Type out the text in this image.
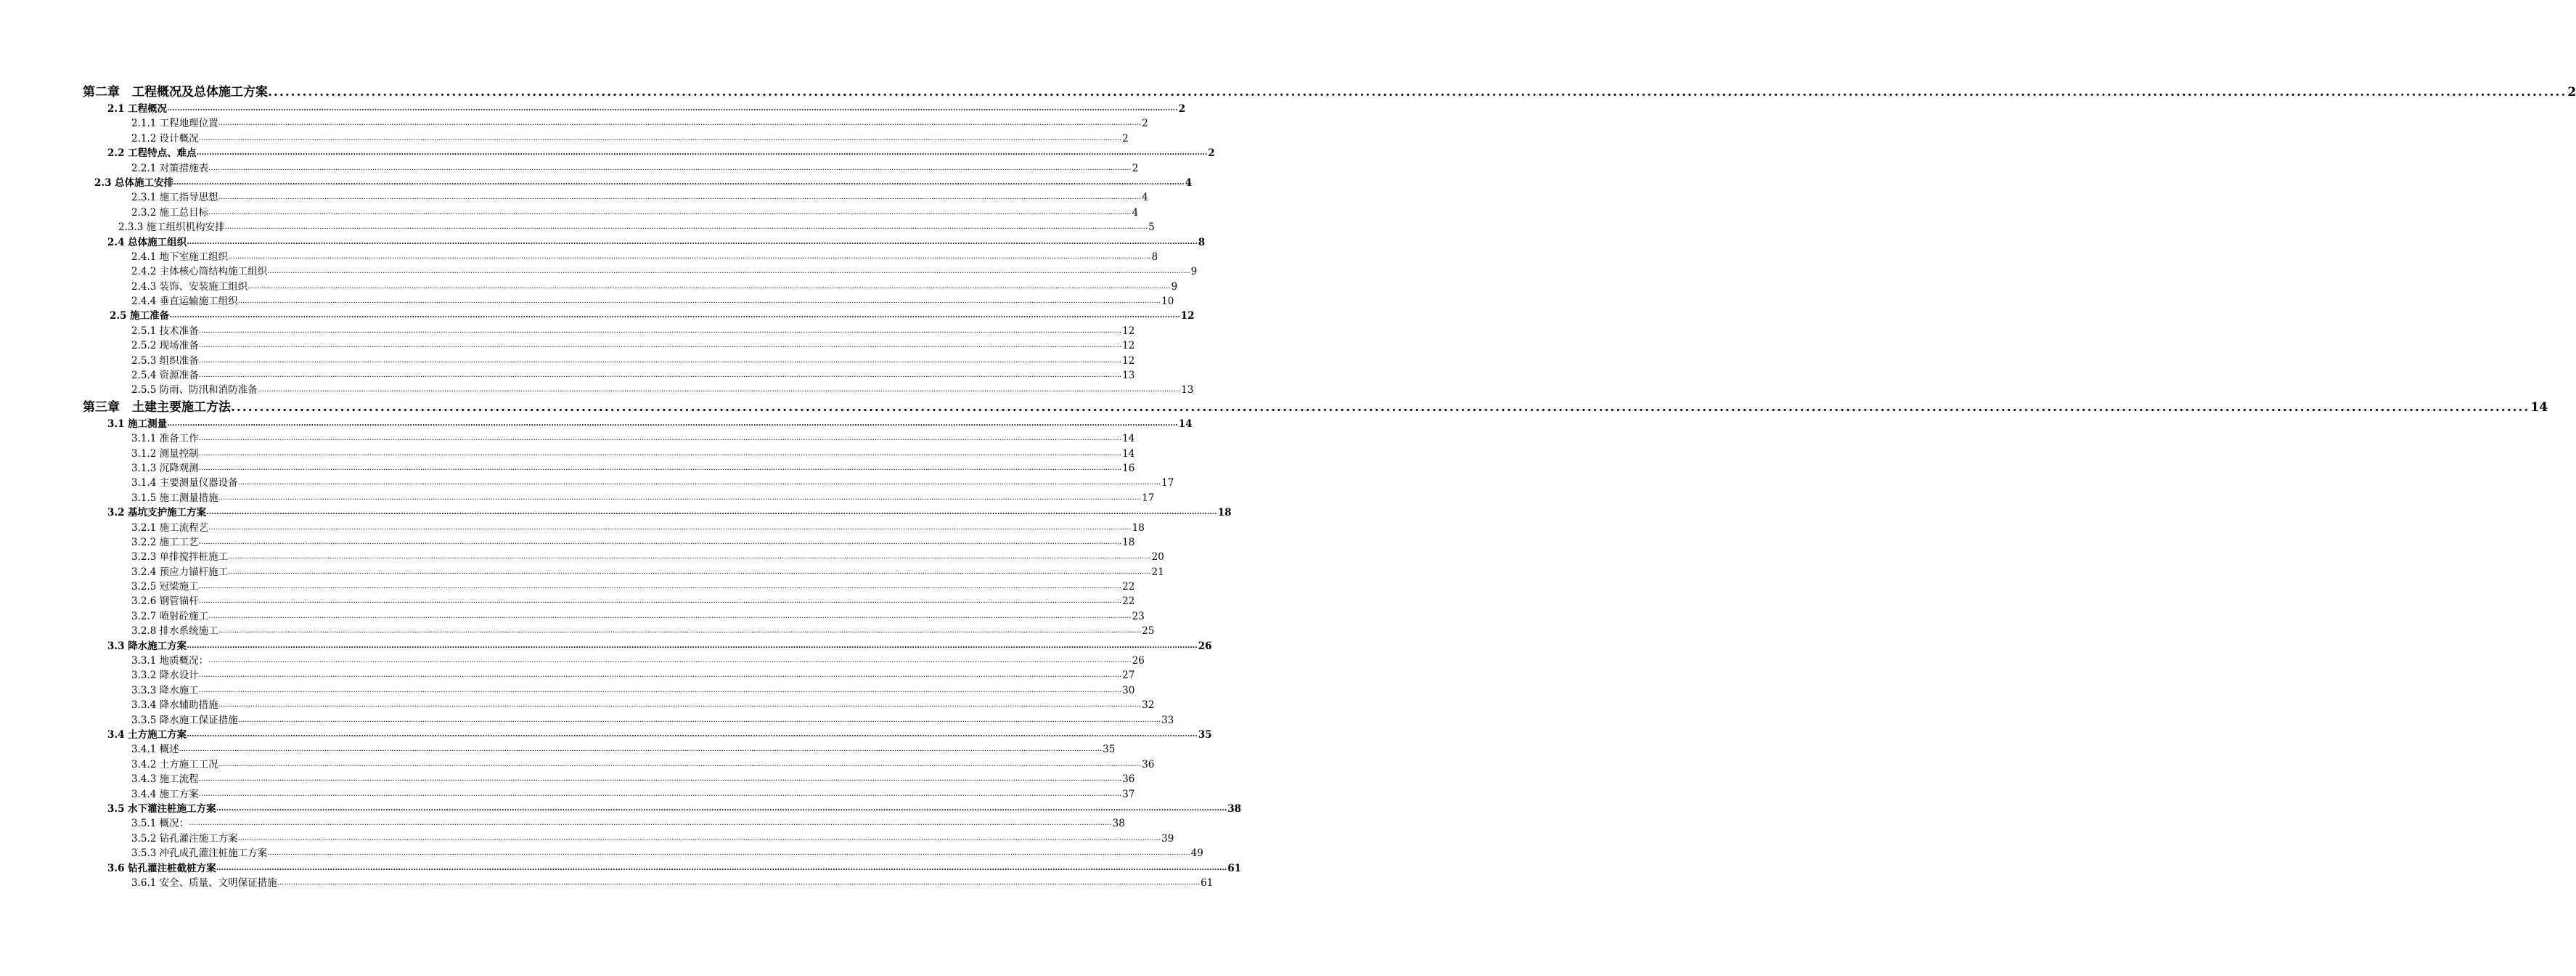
第二章　工程概况及总体施工方案 ................................................................................................................................................................................................................................................................................................................................................................................................................ 2
2.1 工程概况 ................................................................................................................................................................................................................................................................................................................................................................................................................ 2
2.1.1 工程地理位置 ................................................................................................................................................................................................................................................................................................................................................................................................................ 2
2.1.2 设计概况 ................................................................................................................................................................................................................................................................................................................................................................................................................ 2
2.2 工程特点、难点 ................................................................................................................................................................................................................................................................................................................................................................................................................ 2
2.2.1 对策措施表 ................................................................................................................................................................................................................................................................................................................................................................................................................ 2
2.3 总体施工安排 ................................................................................................................................................................................................................................................................................................................................................................................................................ 4
2.3.1 施工指导思想 ................................................................................................................................................................................................................................................................................................................................................................................................................ 4
2.3.2 施工总目标 ................................................................................................................................................................................................................................................................................................................................................................................................................ 4
2.3.3 施工组织机构安排 ................................................................................................................................................................................................................................................................................................................................................................................................................ 5
2.4 总体施工组织 ................................................................................................................................................................................................................................................................................................................................................................................................................ 8
2.4.1 地下室施工组织 ................................................................................................................................................................................................................................................................................................................................................................................................................ 8
2.4.2 主体核心筒结构施工组织 ................................................................................................................................................................................................................................................................................................................................................................................................................ 9
2.4.3 装饰、安装施工组织 ................................................................................................................................................................................................................................................................................................................................................................................................................ 9
2.4.4 垂直运输施工组织 ................................................................................................................................................................................................................................................................................................................................................................................................................ 10
2.5 施工准备 ................................................................................................................................................................................................................................................................................................................................................................................................................ 12
2.5.1 技术准备 ................................................................................................................................................................................................................................................................................................................................................................................................................ 12
2.5.2 现场准备 ................................................................................................................................................................................................................................................................................................................................................................................................................ 12
2.5.3 组织准备 ................................................................................................................................................................................................................................................................................................................................................................................................................ 12
2.5.4 资源准备 ................................................................................................................................................................................................................................................................................................................................................................................................................ 13
2.5.5 防雨、防汛和消防准备 ................................................................................................................................................................................................................................................................................................................................................................................................................ 13
第三章　土建主要施工方法 ................................................................................................................................................................................................................................................................................................................................................................................................................ 14
3.1 施工测量 ................................................................................................................................................................................................................................................................................................................................................................................................................ 14
3.1.1 准备工作 ................................................................................................................................................................................................................................................................................................................................................................................................................ 14
3.1.2 测量控制 ................................................................................................................................................................................................................................................................................................................................................................................................................ 14
3.1.3 沉降观测 ................................................................................................................................................................................................................................................................................................................................................................................................................ 16
3.1.4 主要测量仪器设备 ................................................................................................................................................................................................................................................................................................................................................................................................................ 17
3.1.5 施工测量措施 ................................................................................................................................................................................................................................................................................................................................................................................................................ 17
3.2 基坑支护施工方案 ................................................................................................................................................................................................................................................................................................................................................................................................................ 18
3.2.1 施工流程艺 ................................................................................................................................................................................................................................................................................................................................................................................................................ 18
3.2.2 施工工艺 ................................................................................................................................................................................................................................................................................................................................................................................................................ 18
3.2.3 单排搅拌桩施工 ................................................................................................................................................................................................................................................................................................................................................................................................................ 20
3.2.4 预应力锚杆施工 ................................................................................................................................................................................................................................................................................................................................................................................................................ 21
3.2.5 冠梁施工 ................................................................................................................................................................................................................................................................................................................................................................................................................ 22
3.2.6 钢管锚杆 ................................................................................................................................................................................................................................................................................................................................................................................................................ 22
3.2.7 喷射砼施工 ................................................................................................................................................................................................................................................................................................................................................................................................................ 23
3.2.8 排水系统施工 ................................................................................................................................................................................................................................................................................................................................................................................................................ 25
3.3 降水施工方案 ................................................................................................................................................................................................................................................................................................................................................................................................................ 26
3.3.1 地质概况： ................................................................................................................................................................................................................................................................................................................................................................................................................ 26
3.3.2 降水设计 ................................................................................................................................................................................................................................................................................................................................................................................................................ 27
3.3.3 降水施工 ................................................................................................................................................................................................................................................................................................................................................................................................................ 30
3.3.4 降水辅助措施 ................................................................................................................................................................................................................................................................................................................................................................................................................ 32
3.3.5 降水施工保证措施 ................................................................................................................................................................................................................................................................................................................................................................................................................ 33
3.4 土方施工方案 ................................................................................................................................................................................................................................................................................................................................................................................................................ 35
3.4.1 概述 ................................................................................................................................................................................................................................................................................................................................................................................................................ 35
3.4.2 土方施工工况 ................................................................................................................................................................................................................................................................................................................................................................................................................ 36
3.4.3 施工流程 ................................................................................................................................................................................................................................................................................................................................................................................................................ 36
3.4.4 施工方案 ................................................................................................................................................................................................................................................................................................................................................................................................................ 37
3.5 水下灌注桩施工方案 ................................................................................................................................................................................................................................................................................................................................................................................................................ 38
3.5.1 概况： ................................................................................................................................................................................................................................................................................................................................................................................................................ 38
3.5.2 钻孔灌注施工方案 ................................................................................................................................................................................................................................................................................................................................................................................................................ 39
3.5.3 冲孔成孔灌注桩施工方案 ................................................................................................................................................................................................................................................................................................................................................................................................................ 49
3.6 钻孔灌注桩截桩方案 ................................................................................................................................................................................................................................................................................................................................................................................................................ 61
3.6.1 安全、质量、文明保证措施 ................................................................................................................................................................................................................................................................................................................................................................................................................ 61
